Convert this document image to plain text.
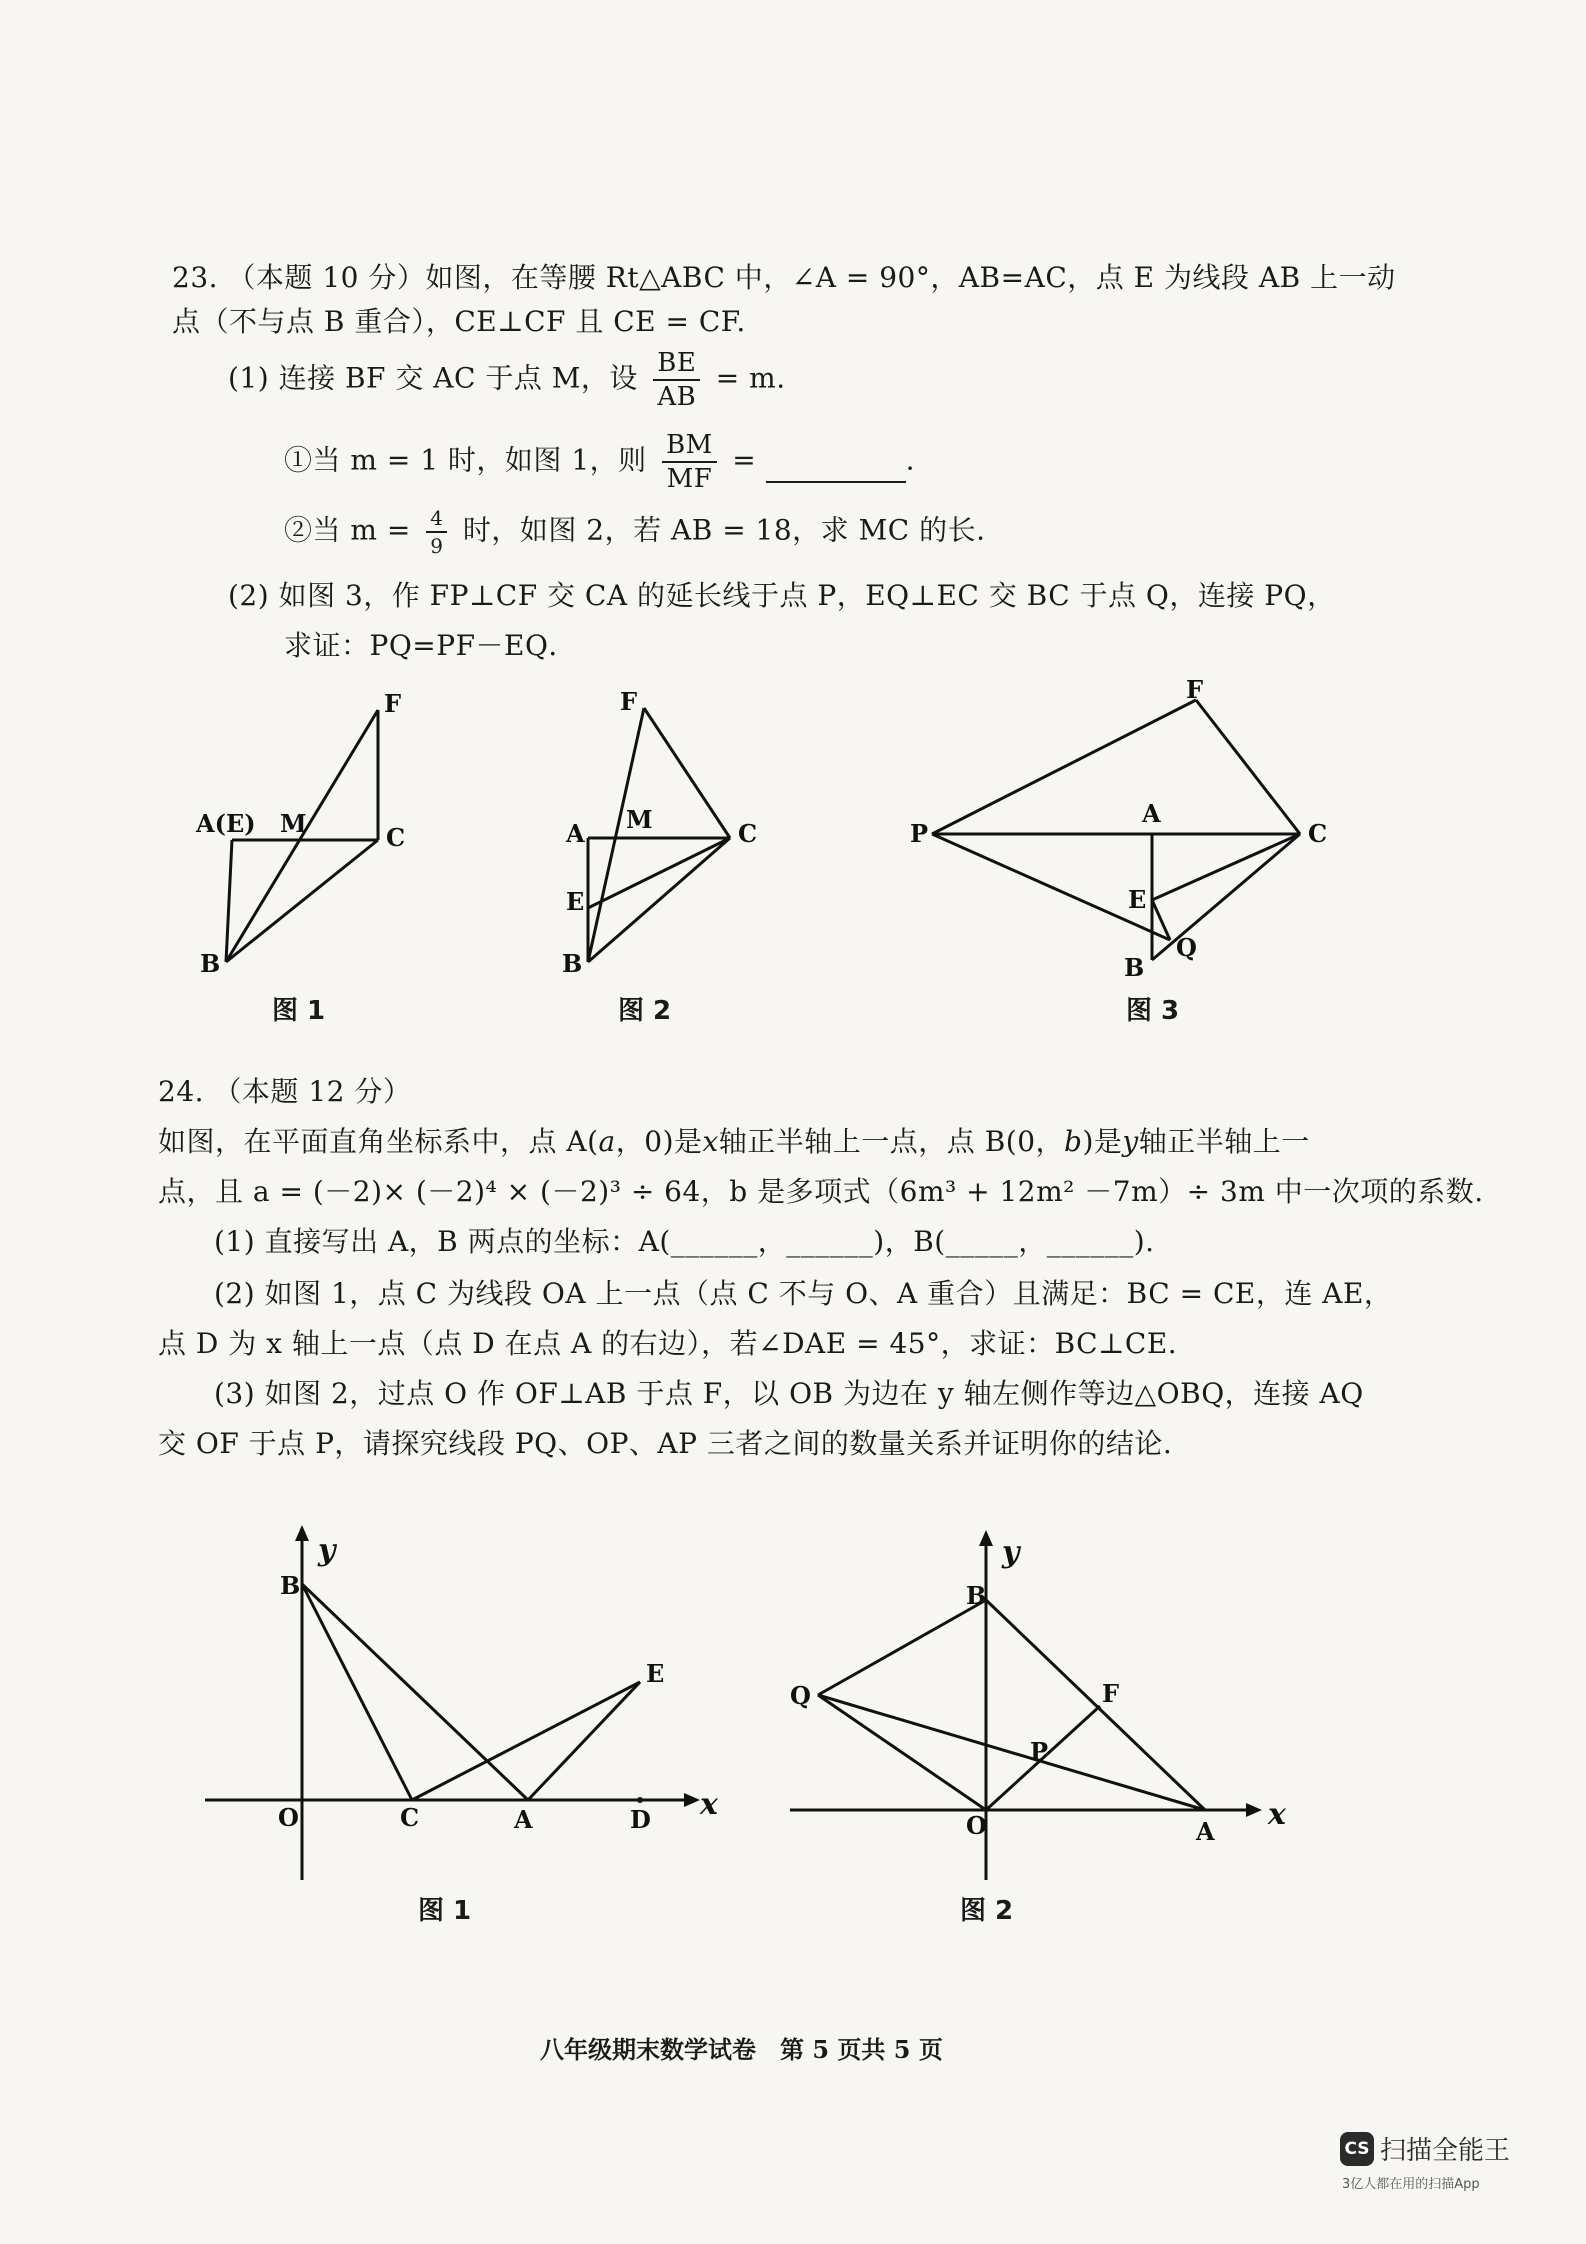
23. （本题 10 分）如图，在等腰 Rt△ABC 中，∠A = 90°，AB=AC，点 E 为线段 AB 上一动
点（不与点 B 重合），CE⊥CF 且 CE = CF.
(1) 连接 BF 交 AC 于点 M，设 $\frac{BE}{AB} = m$.
①当 m = 1 时，如图 1，则 $\frac{BM}{MF}$ =	.
②当 $m = \frac{4}{9}$ 时，如图 2，若 AB = 18，求 MC 的长.
(2) 如图 3，作 FP⊥CF 交 CA 的延长线于点 P，EQ⊥EC 交 BC 于点 Q，连接 PQ，
求证：PQ=PF－EQ．
A(E) M	C
F
B
A M	C
F
E
B
P
A
C
F
E
Q
B
图 1	图 2	图 3
24. （本题 12 分）
如图，在平面直角坐标系中，点 A(a，0)是x轴正半轴上一点，点 B(0，b)是y轴正半轴上一
点，且 a = (－2)× (－2)⁴ × (－2)³ ÷ 64，b 是多项式（6m³ + 12m² －7m）÷ 3m 中一次项的系数.
(1) 直接写出 A，B 两点的坐标：A(______，______)，B(_____，______).
(2) 如图 1，点 C 为线段 OA 上一点（点 C 不与 O、A 重合）且满足：BC = CE，连 AE，
点 D 为 x 轴上一点（点 D 在点 A 的右边），若∠DAE = 45°，求证：BC⊥CE.
(3) 如图 2，过点 O 作 OF⊥AB 于点 F，以 OB 为边在 y 轴左侧作等边△OBQ，连接 AQ
交 OF 于点 P，请探究线段 PQ、OP、AP 三者之间的数量关系并证明你的结论.
y
x
B
E
O	C	A	D
y
x
B
Q	F
P
O	A
图 1	图 2
八年级期末数学试卷　第 5 页共 5 页
CS 扫描全能王
3亿人都在用的扫描App
